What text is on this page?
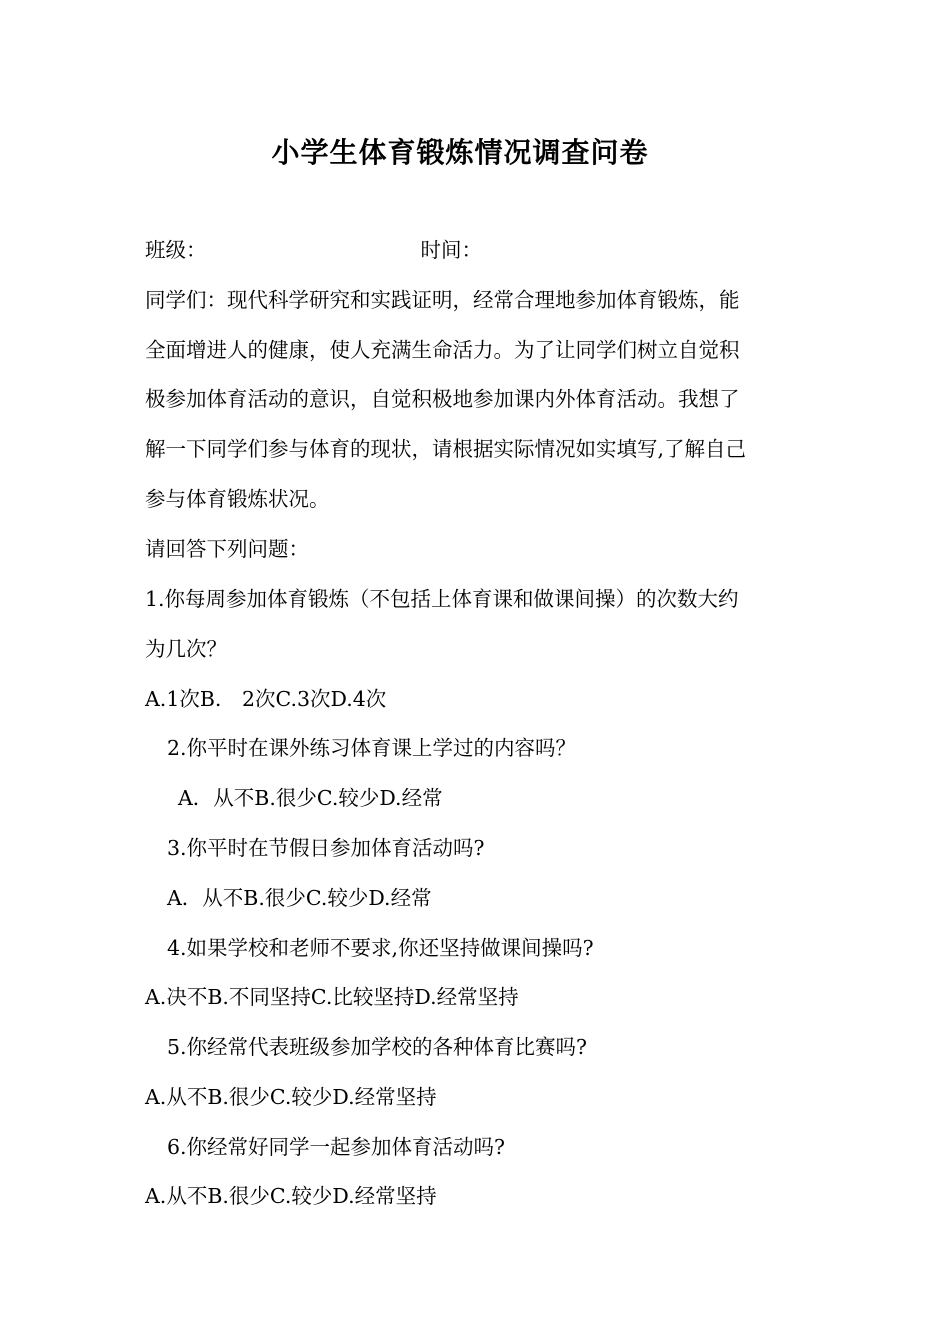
小学生体育锻炼情况调查问卷
班级：	时间：
同学们：现代科学研究和实践证明，经常合理地参加体育锻炼，能
全面增进人的健康，使人充满生命活力。为了让同学们树立自觉积
极参加体育活动的意识，自觉积极地参加课内外体育活动。我想了
解一下同学们参与体育的现状，请根据实际情况如实填写,了解自己
参与体育锻炼状况。
请回答下列问题：
1.你每周参加体育锻炼（不包括上体育课和做课间操）的次数大约
为几次？
A.1次B.　2次C.3次D.4次
2.你平时在课外练习体育课上学过的内容吗？
A．从不B.很少C.较少D.经常
3.你平时在节假日参加体育活动吗?
A．从不B.很少C.较少D.经常
4.如果学校和老师不要求,你还坚持做课间操吗?
A.决不B.不同坚持C.比较坚持D.经常坚持
5.你经常代表班级参加学校的各种体育比赛吗?
A.从不B.很少C.较少D.经常坚持
6.你经常好同学一起参加体育活动吗?
A.从不B.很少C.较少D.经常坚持
